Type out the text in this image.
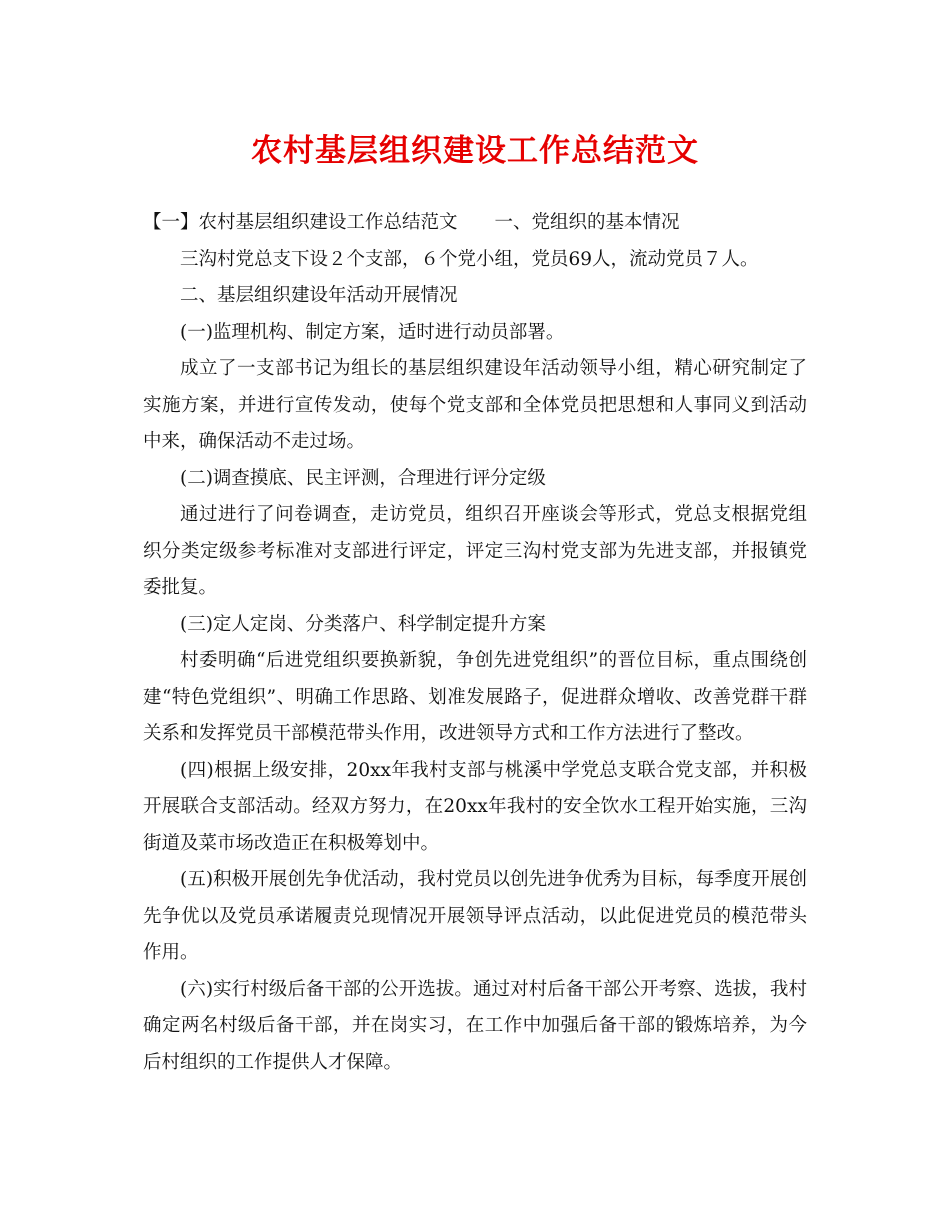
农村基层组织建设工作总结范文

【一】农村基层组织建设工作总结范文　　一、党组织的基本情况

三沟村党总支下设２个支部，６个党小组，党员69人，流动党员７人。

二、基层组织建设年活动开展情况

(一)监理机构、制定方案，适时进行动员部署。

成立了一支部书记为组长的基层组织建设年活动领导小组，精心研究制定了实施方案，并进行宣传发动，使每个党支部和全体党员把思想和人事同义到活动中来，确保活动不走过场。

(二)调查摸底、民主评测，合理进行评分定级

通过进行了问卷调查，走访党员，组织召开座谈会等形式，党总支根据党组织分类定级参考标准对支部进行评定，评定三沟村党支部为先进支部，并报镇党委批复。

(三)定人定岗、分类落户、科学制定提升方案

村委明确“后进党组织要换新貌，争创先进党组织”的晋位目标，重点围绕创建“特色党组织”、明确工作思路、划准发展路子，促进群众增收、改善党群干群关系和发挥党员干部模范带头作用，改进领导方式和工作方法进行了整改。

(四)根据上级安排，20xx年我村支部与桃溪中学党总支联合党支部，并积极开展联合支部活动。经双方努力，在20xx年我村的安全饮水工程开始实施，三沟街道及菜市场改造正在积极筹划中。

(五)积极开展创先争优活动，我村党员以创先进争优秀为目标，每季度开展创先争优以及党员承诺履责兑现情况开展领导评点活动，以此促进党员的模范带头作用。

(六)实行村级后备干部的公开选拔。通过对村后备干部公开考察、选拔，我村确定两名村级后备干部，并在岗实习，在工作中加强后备干部的锻炼培养，为今后村组织的工作提供人才保障。
